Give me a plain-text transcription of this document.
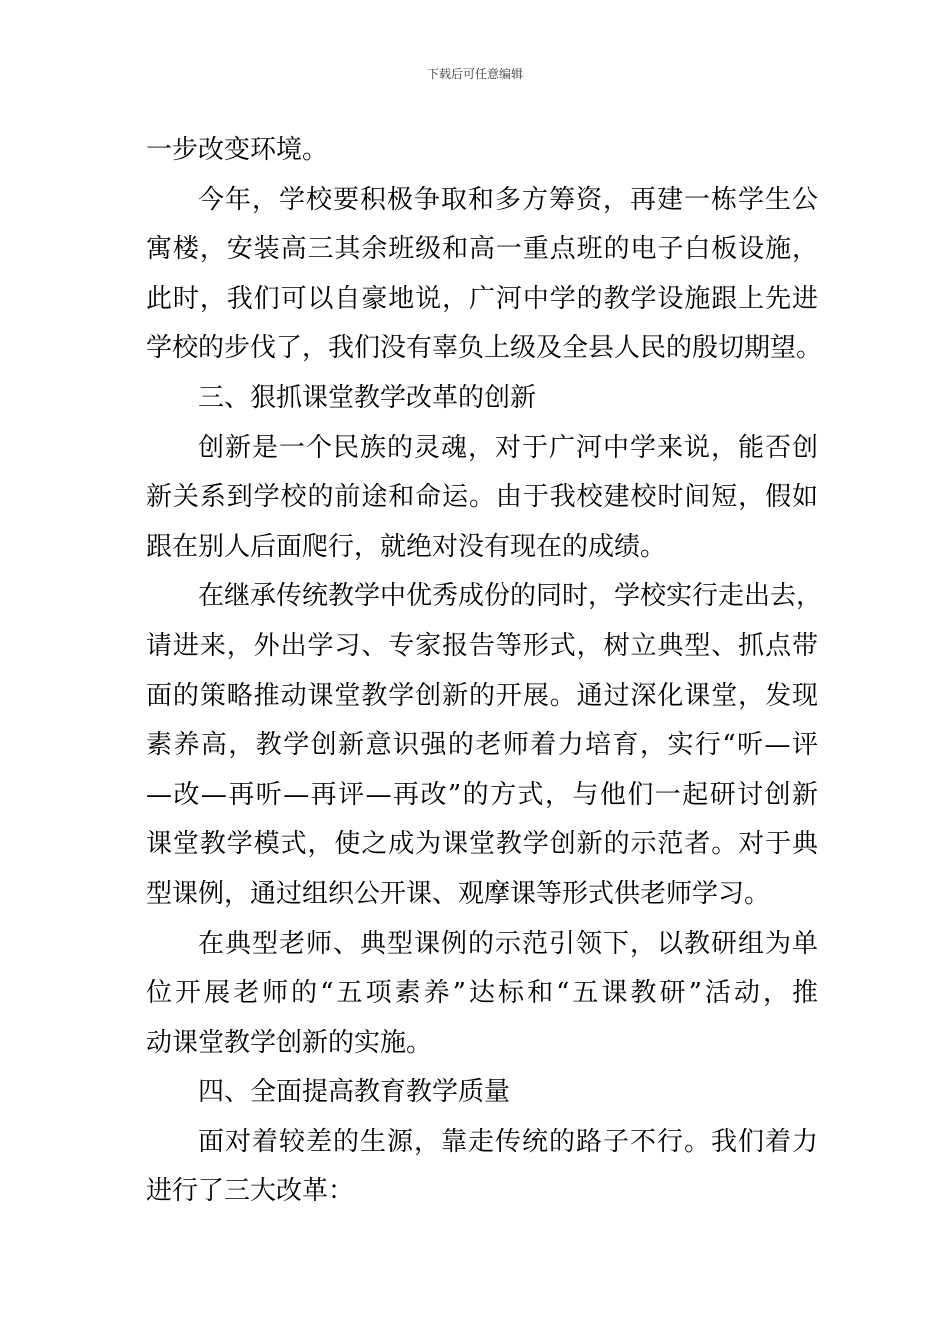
下载后可任意编辑
一步改变环境。
今年，学校要积极争取和多方筹资，再建一栋学生公
寓楼，安装高三其余班级和高一重点班的电子白板设施，
此时，我们可以自豪地说，广河中学的教学设施跟上先进
学校的步伐了，我们没有辜负上级及全县人民的殷切期望。
三、狠抓课堂教学改革的创新
创新是一个民族的灵魂，对于广河中学来说，能否创
新关系到学校的前途和命运。由于我校建校时间短，假如
跟在别人后面爬行，就绝对没有现在的成绩。
在继承传统教学中优秀成份的同时，学校实行走出去，
请进来，外出学习、专家报告等形式，树立典型、抓点带
面的策略推动课堂教学创新的开展。通过深化课堂，发现
素养高，教学创新意识强的老师着力培育，实行“听—评
—改—再听—再评—再改”的方式，与他们一起研讨创新
课堂教学模式，使之成为课堂教学创新的示范者。对于典
型课例，通过组织公开课、观摩课等形式供老师学习。
在典型老师、典型课例的示范引领下，以教研组为单
位开展老师的“五项素养”达标和“五课教研”活动，推
动课堂教学创新的实施。
四、全面提高教育教学质量
面对着较差的生源，靠走传统的路子不行。我们着力
进行了三大改革：
